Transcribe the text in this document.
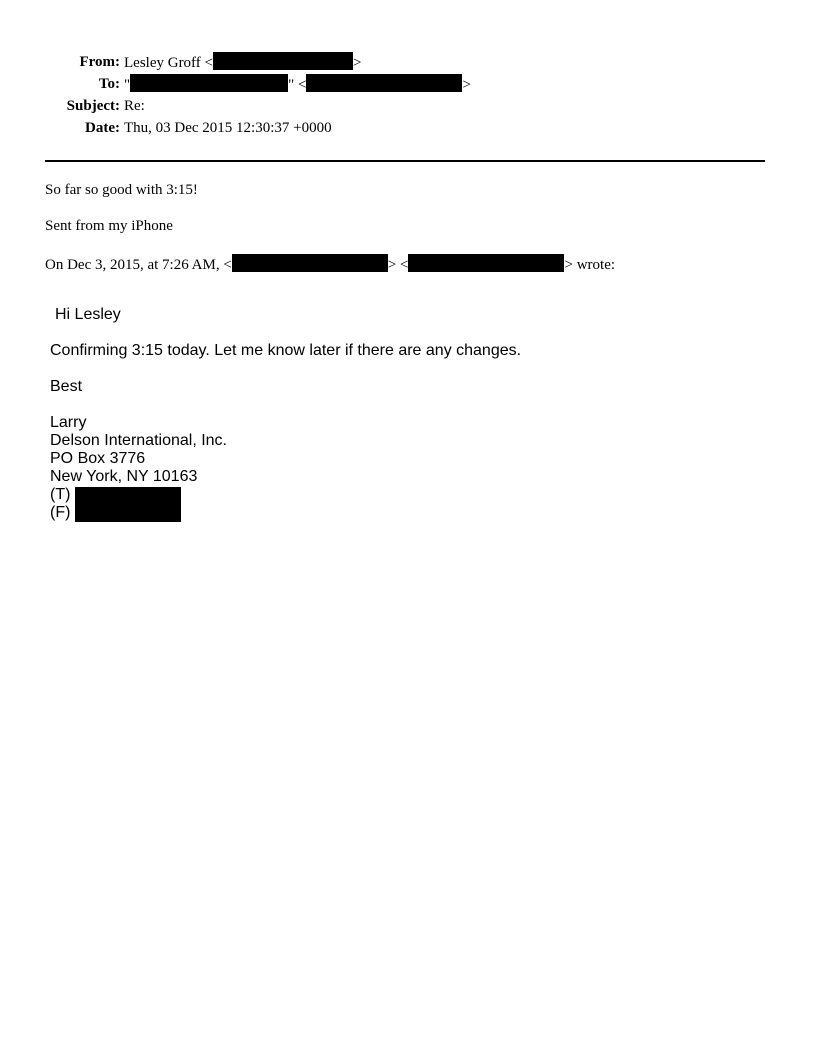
From: Lesley Groff <	>
To: "	" <	>
Subject: Re:
Date: Thu, 03 Dec 2015 12:30:37 +0000
So far so good with 3:15!
Sent from my iPhone
On Dec 3, 2015, at 7:26 AM, <	> <	> wrote:
Hi Lesley
Confirming 3:15 today. Let me know later if there are any changes.
Best
Larry
Delson International, Inc.
PO Box 3776
New York, NY 10163
(T)
(F)
